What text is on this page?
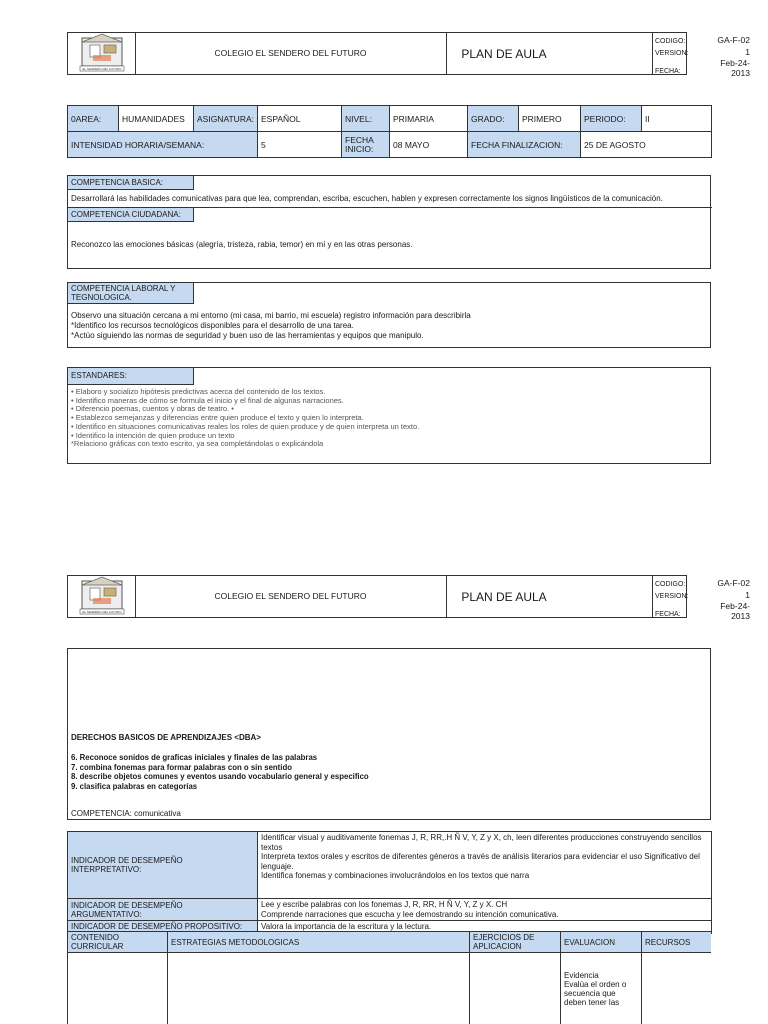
EL SENDERO DEL FUTURO
COLEGIO EL SENDERO DEL FUTURO	PLAN DE AULA
CODIGO:	GA-F-02
VERSION:	1
Feb-24-2013
FECHA:
0AREA:	HUMANIDADES	ASIGNATURA:	ESPAÑOL	NIVEL:	PRIMARIA	GRADO:	PRIMERO	PERIODO:	II
INTENSIDAD HORARIA/SEMANA:			5	FECHA INICIO:	08 MAYO	FECHA FINALIZACION:		25 DE AGOSTO	
COMPETENCIA BASICA:
Desarrollará las habilidades comunicativas para que lea, comprendan, escriba, escuchen, hablen y expresen correctamente los signos lingüísticos de la comunicación.
COMPETENCIA CIUDADANA:
Reconozco las emociones básicas (alegría, tristeza, rabia, temor) en mí y en las otras personas.
COMPETENCIA LABORAL Y TEGNOLOGICA.
Observo una situación cercana a mi entorno (mi casa, mi barrio, mi escuela) registro información para describirla
*Identifico los recursos tecnológicos disponibles para el desarrollo de una tarea.
*Actúo siguiendo las normas de seguridad y buen uso de las herramientas y equipos que manipulo.
ESTANDARES:
• Elaboro y socializo hipótesis predictivas acerca del contenido de los textos.
• Identifico maneras de cómo se formula el inicio y el final de algunas narraciones.
• Diferencio poemas, cuentos y obras de teatro. •
• Establezco semejanzas y diferencias entre quien produce el texto y quien lo interpreta.
• Identifico en situaciones comunicativas reales los roles de quien produce y de quien interpreta un texto.
• Identifico la intención de quien produce un texto
*Relaciono gráficas con texto escrito, ya sea completándolas o explicándola
EL SENDERO DEL FUTURO
COLEGIO EL SENDERO DEL FUTURO	PLAN DE AULA
CODIGO:	GA-F-02
VERSION:	1
Feb-24-2013
FECHA:
DERECHOS BASICOS DE APRENDIZAJES <DBA>
6. Reconoce sonidos de graficas iniciales y finales de las palabras
7. combina fonemas para formar palabras con o sin sentido
8. describe objetos comunes y eventos usando vocabulario general y especifico
9. clasifica palabras en categorías
COMPETENCIA: comunicativa
INDICADOR DE DESEMPEÑO INTERPRETATIVO:	Identificar visual y auditivamente fonemas J, R, RR,.H Ñ V, Y, Z y X, ch, leen diferentes producciones construyendo sencillos textos
Interpreta textos orales y escritos de diferentes géneros a través de análisis literarios para evidenciar el uso Significativo del lenguaje.
Identifica fonemas y combinaciones involucrándolos en los textos que narra

INDICADOR DE DESEMPEÑO ARGUMENTATIVO:	Lee y escribe palabras con los fonemas J, R, RR, H Ñ V, Y, Z y X. CH
Comprende narraciones que escucha y lee demostrando su intención comunicativa.

INDICADOR DE DESEMPEÑO PROPOSITIVO:	Valora la importancia de la escritura y la lectura.
CONTENIDO CURRICULAR	ESTRATEGIAS METODOLOGICAS	EJERCICIOS DE APLICACION	EVALUACION	RECURSOS
			Evidencia
Evalúa el orden o secuencia que deben tener las	
